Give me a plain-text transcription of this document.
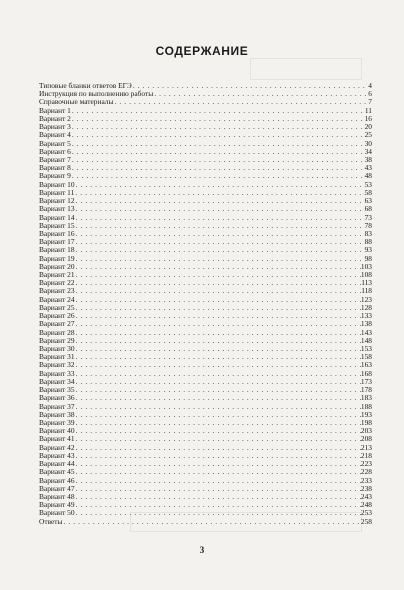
СОДЕРЖАНИЕ
Типовые бланки ответов ЕГЭ . . .	4
Инструкция по выполнению работы . . .	6
Справочные материалы . . .	7
Вариант 1 . . .	11
Вариант 2 . . .	16
Вариант 3 . . .	20
Вариант 4 . . .	25
Вариант 5 . . .	30
Вариант 6 . . .	34
Вариант 7 . . .	38
Вариант 8 . . .	43
Вариант 9 . . .	48
Вариант 10 . . .	53
Вариант 11 . . .	58
Вариант 12 . . .	63
Вариант 13 . . .	68
Вариант 14 . . .	73
Вариант 15 . . .	78
Вариант 16 . . .	83
Вариант 17 . . .	88
Вариант 18 . . .	93
Вариант 19 . . .	98
Вариант 20 . . .	103
Вариант 21 . . .	108
Вариант 22 . . .	113
Вариант 23 . . .	118
Вариант 24 . . .	123
Вариант 25 . . .	128
Вариант 26 . . .	133
Вариант 27 . . .	138
Вариант 28 . . .	143
Вариант 29 . . .	148
Вариант 30 . . .	153
Вариант 31 . . .	158
Вариант 32 . . .	163
Вариант 33 . . .	168
Вариант 34 . . .	173
Вариант 35 . . .	178
Вариант 36 . . .	183
Вариант 37 . . .	188
Вариант 38 . . .	193
Вариант 39 . . .	198
Вариант 40 . . .	203
Вариант 41 . . .	208
Вариант 42 . . .	213
Вариант 43 . . .	218
Вариант 44 . . .	223
Вариант 45 . . .	228
Вариант 46 . . .	233
Вариант 47 . . .	238
Вариант 48 . . .	243
Вариант 49 . . .	248
Вариант 50 . . .	253
Ответы . . .	258
3
